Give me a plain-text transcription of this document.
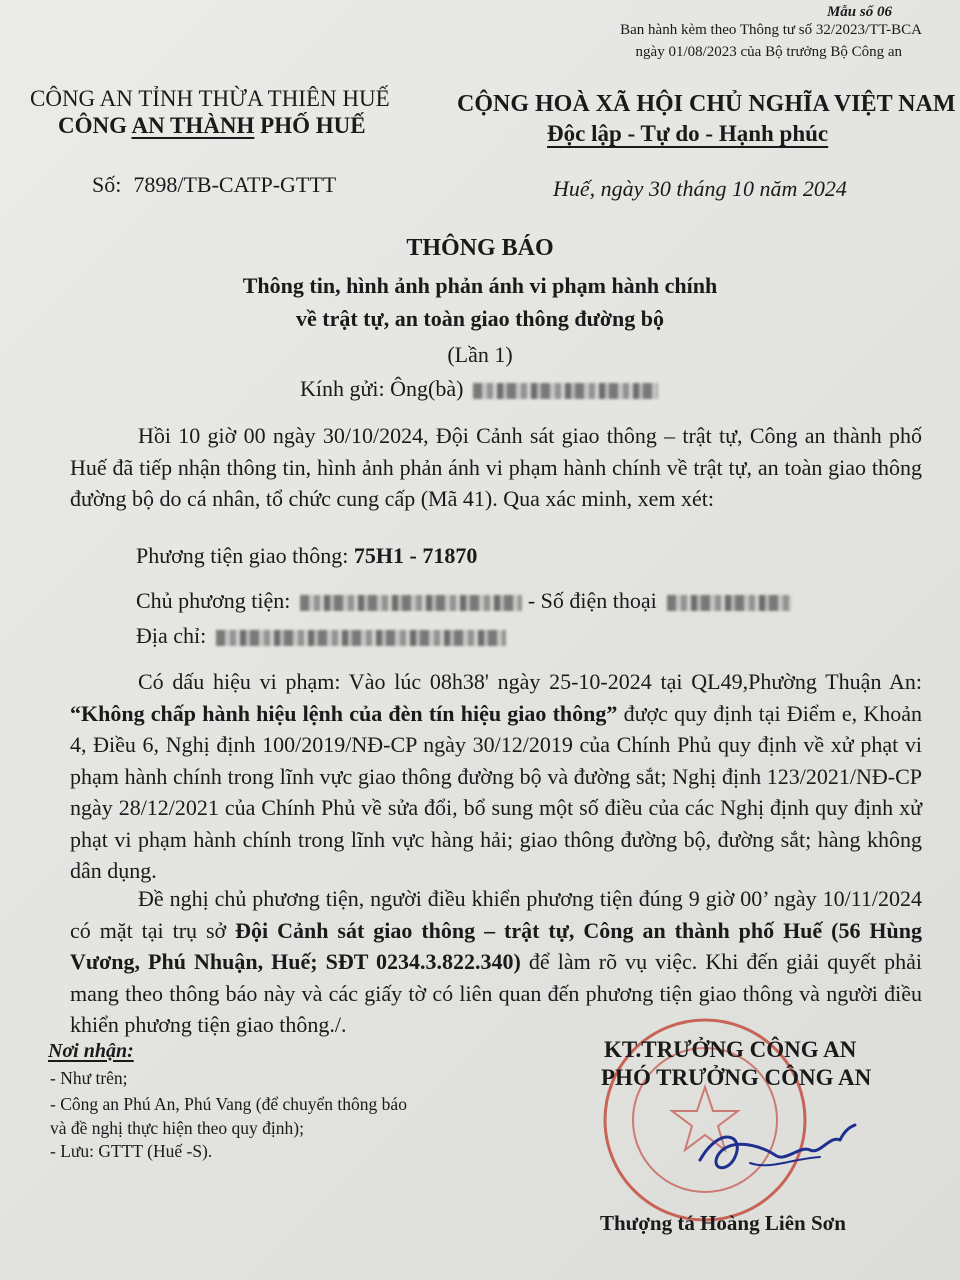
Mẫu số 06
Ban hành kèm theo Thông tư số 32/2023/TT-BCA
ngày 01/08/2023 của Bộ trưởng Bộ Công an
CÔNG AN TỈNH THỪA THIÊN HUẾ
CÔNG AN THÀNH PHỐ HUẾ
CỘNG HOÀ XÃ HỘI CHỦ NGHĨA VIỆT NAM
Độc lập - Tự do - Hạnh phúc
Số: 7898/TB-CATP-GTTT	Huế, ngày 30 tháng 10 năm 2024
THÔNG BÁO
Thông tin, hình ảnh phản ánh vi phạm hành chính
về trật tự, an toàn giao thông đường bộ
(Lần 1)
Kính gửi: Ông(bà)
Hồi 10 giờ 00 ngày 30/10/2024, Đội Cảnh sát giao thông – trật tự, Công an thành phố Huế đã tiếp nhận thông tin, hình ảnh phản ánh vi phạm hành chính về trật tự, an toàn giao thông đường bộ do cá nhân, tổ chức cung cấp (Mã 41). Qua xác minh, xem xét:
Phương tiện giao thông: 75H1 - 71870
Chủ phương tiện:	- Số điện thoại
Địa chỉ:
Có dấu hiệu vi phạm: Vào lúc 08h38' ngày 25-10-2024 tại QL49,Phường Thuận An: “Không chấp hành hiệu lệnh của đèn tín hiệu giao thông” được quy định tại Điểm e, Khoản 4, Điều 6, Nghị định 100/2019/NĐ-CP ngày 30/12/2019 của Chính Phủ quy định về xử phạt vi phạm hành chính trong lĩnh vực giao thông đường bộ và đường sắt; Nghị định 123/2021/NĐ-CP ngày 28/12/2021 của Chính Phủ về sửa đổi, bổ sung một số điều của các Nghị định quy định xử phạt vi phạm hành chính trong lĩnh vực hàng hải; giao thông đường bộ, đường sắt; hàng không dân dụng.
Đề nghị chủ phương tiện, người điều khiển phương tiện đúng 9 giờ 00’ ngày 10/11/2024 có mặt tại trụ sở Đội Cảnh sát giao thông – trật tự, Công an thành phố Huế (56 Hùng Vương, Phú Nhuận, Huế; SĐT 0234.3.822.340) để làm rõ vụ việc. Khi đến giải quyết phải mang theo thông báo này và các giấy tờ có liên quan đến phương tiện giao thông và người điều khiển phương tiện giao thông./.
Nơi nhận:
- Như trên;
- Công an Phú An, Phú Vang (để chuyển thông báo
và đề nghị thực hiện theo quy định);
- Lưu: GTTT (Huế -S).
KT.TRƯỞNG CÔNG AN
PHÓ TRƯỞNG CÔNG AN
Thượng tá Hoàng Liên Sơn
